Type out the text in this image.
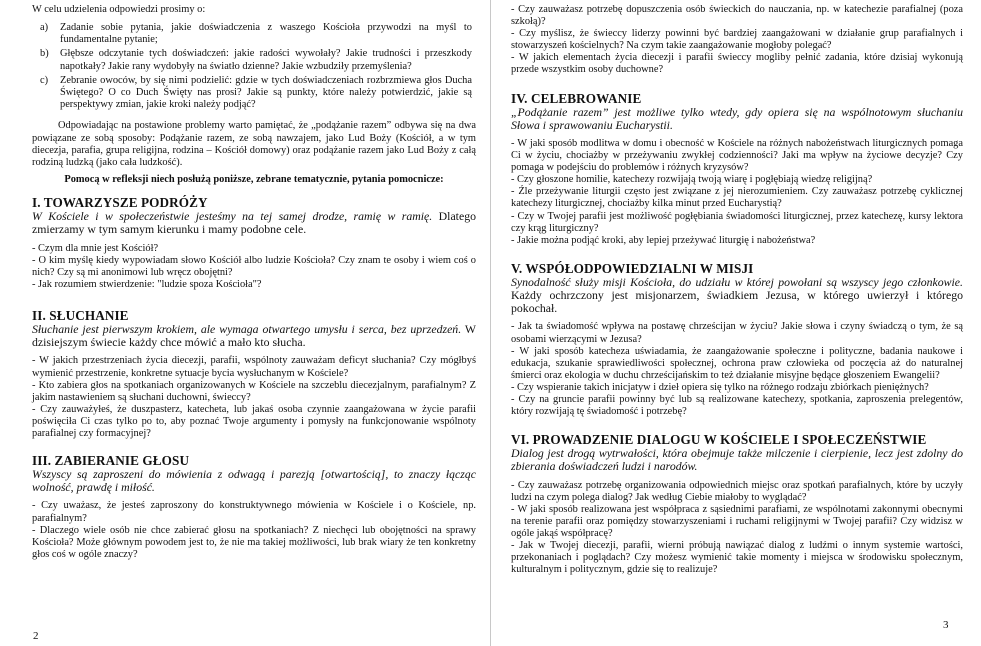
W celu udzielenia odpowiedzi prosimy o:

a)	Zadanie sobie pytania, jakie doświadczenia z waszego Kościoła przywodzi na myśl to fundamentalne pytanie;
b)	Głębsze odczytanie tych doświadczeń: jakie radości wywołały? Jakie trudności i przeszkody napotkały? Jakie rany wydobyły na światło dzienne? Jakie wzbudziły przemyślenia?
c)	Zebranie owoców, by się nimi podzielić: gdzie w tych doświadczeniach rozbrzmiewa głos Ducha Świętego? O co Duch Święty nas prosi? Jakie są punkty, które należy potwierdzić, jakie są perspektywy zmian, jakie kroki należy podjąć?

Odpowiadając na postawione problemy warto pamiętać, że „podążanie razem” odbywa się na dwa powiązane ze sobą sposoby: Podążanie razem, ze sobą nawzajem, jako Lud Boży (Kościół, a w tym diecezja, parafia, grupa religijna, rodzina – Kościół domowy) oraz podążanie razem jako Lud Boży z całą rodziną ludzką (jako cała ludzkość).

Pomocą w refleksji niech posłużą poniższe, zebrane tematycznie, pytania pomocnicze:

I. TOWARZYSZE PODRÓŻY

W Kościele i w społeczeństwie jesteśmy na tej samej drodze, ramię w ramię. Dlatego zmierzamy w tym samym kierunku i mamy podobne cele.

- Czym dla mnie jest Kościół?

- O kim myślę kiedy wypowiadam słowo Kościół albo ludzie Kościoła? Czy znam te osoby i wiem coś o nich? Czy są mi anonimowi lub wręcz obojętni?

- Jak rozumiem stwierdzenie: "ludzie spoza Kościoła"?

II. SŁUCHANIE

Słuchanie jest pierwszym krokiem, ale wymaga otwartego umysłu i serca, bez uprzedzeń. W dzisiejszym świecie każdy chce mówić a mało kto słucha.

- W jakich przestrzeniach życia diecezji, parafii, wspólnoty zauważam deficyt słuchania? Czy mógłbyś wymienić przestrzenie, konkretne sytuacje bycia wysłuchanym w Kościele?

- Kto zabiera głos na spotkaniach organizowanych w Kościele na szczeblu diecezjalnym, parafialnym? Z jakim nastawieniem są słuchani duchowni, świeccy?

- Czy zauważyłeś, że duszpasterz, katecheta, lub jakaś osoba czynnie zaangażowana w życie parafii poświęciła Ci czas tylko po to, aby poznać Twoje argumenty i pomysły na funkcjonowanie wspólnoty parafialnej czy formacyjnej?

III. ZABIERANIE GŁOSU

Wszyscy są zaproszeni do mówienia z odwagą i parezją [otwartością], to znaczy łącząc wolność, prawdę i miłość.

- Czy uważasz, że jesteś zaproszony do konstruktywnego mówienia w Kościele i o Kościele, np. parafialnym?

- Dlaczego wiele osób nie chce zabierać głosu na spotkaniach? Z niechęci lub obojętności na sprawy Kościoła? Może głównym powodem jest to, że nie ma takiej możliwości, lub brak wiary że ten konkretny głos coś w ogóle znaczy?

2

- Czy zauważasz potrzebę dopuszczenia osób świeckich do nauczania, np. w katechezie parafialnej (poza szkołą)?

- Czy myślisz, że świeccy liderzy powinni być bardziej zaangażowani w działanie grup parafialnych i stowarzyszeń kościelnych? Na czym takie zaangażowanie mogłoby polegać?

- W jakich elementach życia diecezji i parafii świeccy mogliby pełnić zadania, które dzisiaj wykonują przede wszystkim osoby duchowne?

IV. CELEBROWANIE

„Podążanie razem” jest możliwe tylko wtedy, gdy opiera się na wspólnotowym słuchaniu Słowa i sprawowaniu Eucharystii.

- W jaki sposób modlitwa w domu i obecność w Kościele na różnych nabożeństwach liturgicznych pomaga Ci w życiu, chociażby w przeżywaniu zwykłej codzienności? Jaki ma wpływ na życiowe decyzje? Czy pomaga w podejściu do problemów i różnych kryzysów?

- Czy głoszone homilie, katechezy rozwijają twoją wiarę i pogłębiają wiedzę religijną?

- Źle przeżywanie liturgii często jest związane z jej nierozumieniem. Czy zauważasz potrzebę cyklicznej katechezy liturgicznej, chociażby kilka minut przed Eucharystią?

- Czy w Twojej parafii jest możliwość pogłębiania świadomości liturgicznej, przez katechezę, kursy lektora czy krąg liturgiczny?

- Jakie można podjąć kroki, aby lepiej przeżywać liturgię i nabożeństwa?

V. WSPÓŁODPOWIEDZIALNI W MISJI

Synodalność służy misji Kościoła, do udziału w której powołani są wszyscy jego członkowie. Każdy ochrzczony jest misjonarzem, świadkiem Jezusa, w którego uwierzył i którego pokochał.

- Jak ta świadomość wpływa na postawę chrześcijan w życiu? Jakie słowa i czyny świadczą o tym, że są osobami wierzącymi w Jezusa?

- W jaki sposób katecheza uświadamia, że zaangażowanie społeczne i polityczne, badania naukowe i edukacja, szukanie sprawiedliwości społecznej, ochrona praw człowieka od poczęcia aż do naturalnej śmierci oraz ekologia w duchu chrześcijańskim to też działanie misyjne będące głoszeniem Ewangelii?

- Czy wspieranie takich inicjatyw i dzieł opiera się tylko na różnego rodzaju zbiórkach pieniężnych?

- Czy na gruncie parafii powinny być lub są realizowane katechezy, spotkania, zaproszenia prelegentów, który rozwijają tę świadomość i potrzebę?

VI. PROWADZENIE DIALOGU W KOŚCIELE I SPOŁECZEŃSTWIE

Dialog jest drogą wytrwałości, która obejmuje także milczenie i cierpienie, lecz jest zdolny do zbierania doświadczeń ludzi i narodów.

- Czy zauważasz potrzebę organizowania odpowiednich miejsc oraz spotkań parafialnych, które by uczyły ludzi na czym polega dialog? Jak według Ciebie miałoby to wyglądać?

- W jaki sposób realizowana jest współpraca z sąsiednimi parafiami, ze wspólnotami zakonnymi obecnymi na terenie parafii oraz pomiędzy stowarzyszeniami i ruchami religijnymi w Twojej parafii? Czy widzisz w ogóle jakąś współpracę?

- Jak w Twojej diecezji, parafii, wierni próbują nawiązać dialog z ludźmi o innym systemie wartości, przekonaniach i poglądach? Czy możesz wymienić takie momenty i miejsca w środowisku społecznym, kulturalnym i politycznym, gdzie się to realizuje?

3
